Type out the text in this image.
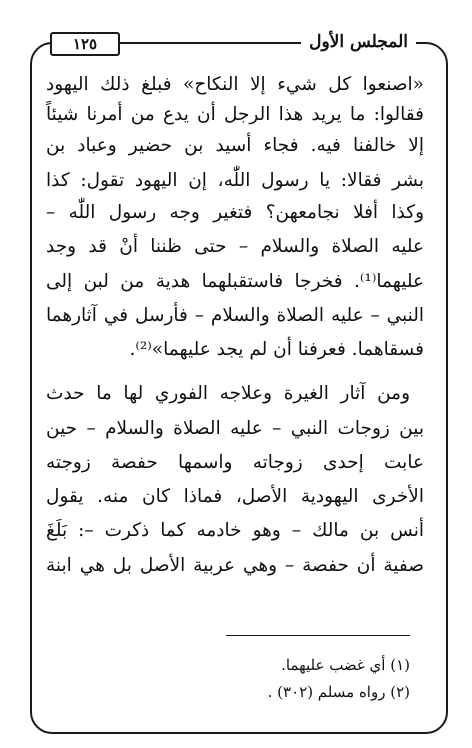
١٢٥	المجلس الأول
«اصنعوا كل شيء إلا النكاح» فبلغ ذلك اليهود
فقالوا: ما يريد هذا الرجل أن يدع من أمرنا شيئاً
إلا خالفنا فيه. فجاء أسيد بن حضير وعباد بن
بشر فقالا: يا رسول اللّٰه، إن اليهود تقول: كذا
وكذا أفلا نجامعهن؟ فتغير وجه رسول اللّٰه –
عليه الصلاة والسلام – حتى ظننا أنْ قد وجد
عليهما⁽¹⁾. فخرجا فاستقبلهما هدية من لبن إلى
النبي – عليه الصلاة والسلام – فأرسل في آثارهما
فسقاهما. فعرفنا أن لم يجد عليهما»⁽²⁾.
ومن آثار الغيرة وعلاجه الفوري لها ما حدث
بين زوجات النبي – عليه الصلاة والسلام – حين
عابت إحدى زوجاته واسمها حفصة زوجته
الأخرى اليهودية الأصل، فماذا كان منه. يقول
أنس بن مالك – وهو خادمه كما ذكرت –: بَلَغَ
صفية أن حفصة – وهي عربية الأصل بل هي ابنة
(١) أي غضب عليهما.
(٢) رواه مسلم (٣٠٢) .
